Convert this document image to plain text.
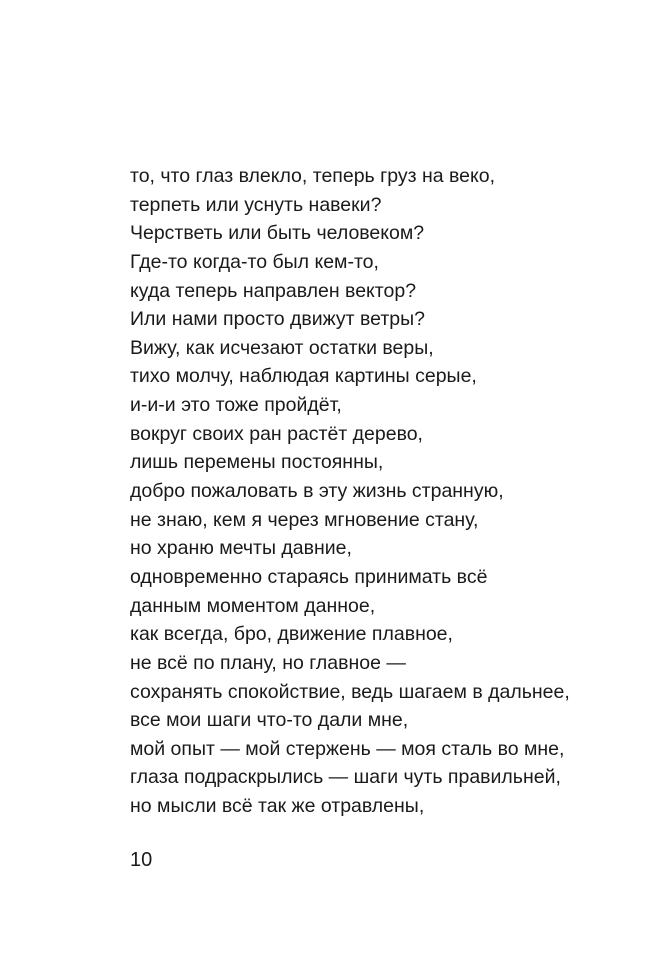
то, что глаз влекло, теперь груз на веко,
терпеть или уснуть навеки?
Черстветь или быть человеком?
Где-то когда-то был кем-то,
куда теперь направлен вектор?
Или нами просто движут ветры?
Вижу, как исчезают остатки веры,
тихо молчу, наблюдая картины серые,
и-и-и это тоже пройдёт,
вокруг своих ран растёт дерево,
лишь перемены постоянны,
добро пожаловать в эту жизнь странную,
не знаю, кем я через мгновение стану,
но храню мечты давние,
одновременно стараясь принимать всё
данным моментом данное,
как всегда, бро, движение плавное,
не всё по плану, но главное —
сохранять спокойствие, ведь шагаем в дальнее,
все мои шаги что-то дали мне,
мой опыт — мой стержень — моя сталь во мне,
глаза подраскрылись — шаги чуть правильней,
но мысли всё так же отравлены,
10
